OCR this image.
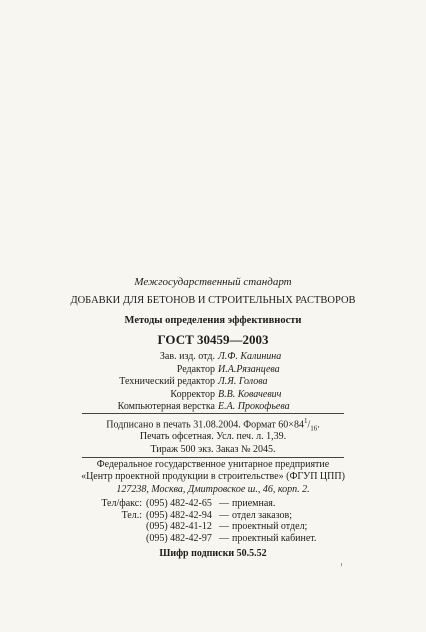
Межгосударственный стандарт
ДОБАВКИ ДЛЯ БЕТОНОВ И СТРОИТЕЛЬНЫХ РАСТВОРОВ
Методы определения эффективности
ГОСТ 30459—2003
Зав. изд. отд. Л.Ф. Калинина
Редактор И.А.Рязанцева
Технический редактор Л.Я. Голова
Корректор В.В. Ковачевич
Компьютерная верстка Е.А. Прокофьева
Подписано в печать 31.08.2004. Формат $60\times 84^1/_{16}$.
Печать офсетная. Усл. печ. л. 1,39.
Тираж 500 экз. Заказ № 2045.
Федеральное государственное унитарное предприятие
«Центр проектной продукции в строительстве» (ФГУП ЦПП)
127238, Москва, Дмитровское ш., 46, корп. 2.
Тел/факс: (095) 482-42-65 — приемная.
Тел.: (095) 482-42-94 — отдел заказов;
(095) 482-41-12 — проектный отдел;
(095) 482-42-97 — проектный кабинет.
Шифр подписки 50.5.52
